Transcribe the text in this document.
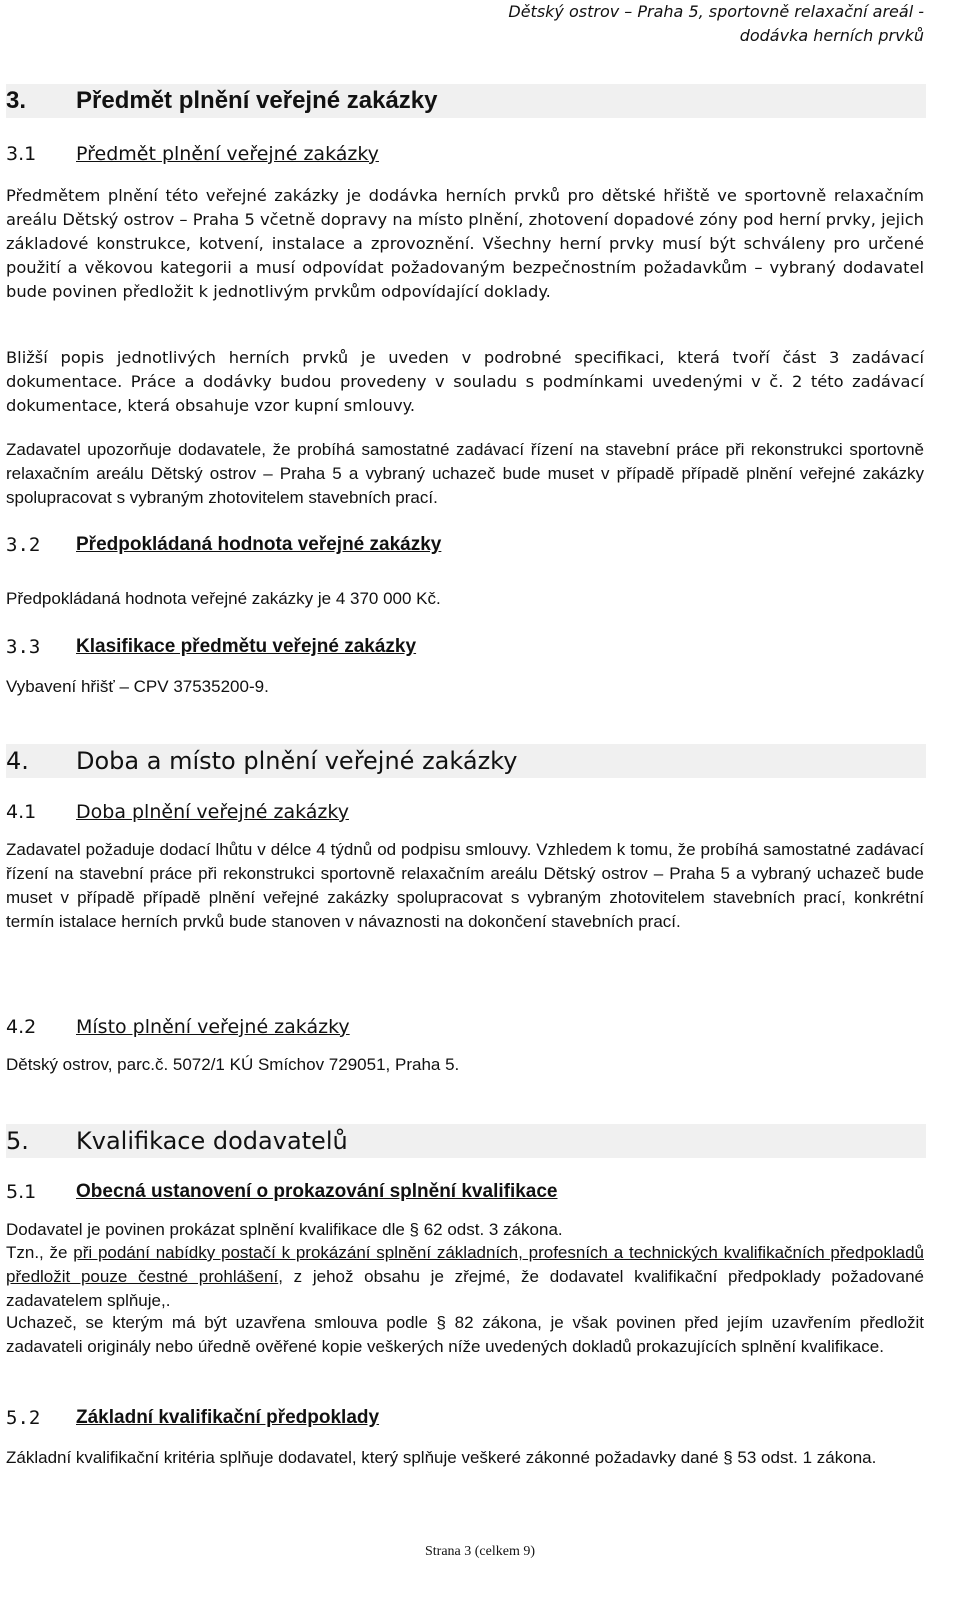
Dětský ostrov – Praha 5, sportovně relaxační areál -
dodávka herních prvků
3. Předmět plnění veřejné zakázky
3.1 Předmět plnění veřejné zakázky
Předmětem plnění této veřejné zakázky je dodávka herních prvků pro dětské hřiště ve sportovně relaxačním areálu Dětský ostrov – Praha 5 včetně dopravy na místo plnění, zhotovení dopadové zóny pod herní prvky, jejich základové konstrukce, kotvení, instalace a zprovoznění. Všechny herní prvky musí být schváleny pro určené použití a věkovou kategorii a musí odpovídat požadovaným bezpečnostním požadavkům – vybraný dodavatel bude povinen předložit k jednotlivým prvkům odpovídající doklady.
Bližší popis jednotlivých herních prvků je uveden v podrobné specifikaci, která tvoří část 3 zadávací dokumentace. Práce a dodávky budou provedeny v souladu s podmínkami uvedenými v č. 2 této zadávací dokumentace, která obsahuje vzor kupní smlouvy.
Zadavatel upozorňuje dodavatele, že probíhá samostatné zadávací řízení na stavební práce při rekonstrukci sportovně relaxačním areálu Dětský ostrov – Praha 5 a vybraný uchazeč bude muset v případě případě plnění veřejné zakázky spolupracovat s vybraným zhotovitelem stavebních prací.
3.2 Předpokládaná hodnota veřejné zakázky
Předpokládaná hodnota veřejné zakázky je 4 370 000 Kč.
3.3 Klasifikace předmětu veřejné zakázky
Vybavení hřišť – CPV 37535200-9.
4. Doba a místo plnění veřejné zakázky
4.1 Doba plnění veřejné zakázky
Zadavatel požaduje dodací lhůtu v délce 4 týdnů od podpisu smlouvy. Vzhledem k tomu, že probíhá samostatné zadávací řízení na stavební práce při rekonstrukci sportovně relaxačním areálu Dětský ostrov – Praha 5 a vybraný uchazeč bude muset v případě případě plnění veřejné zakázky spolupracovat s vybraným zhotovitelem stavebních prací, konkrétní termín istalace herních prvků bude stanoven v návaznosti na dokončení stavebních prací.
4.2 Místo plnění veřejné zakázky
Dětský ostrov, parc.č. 5072/1 KÚ Smíchov 729051, Praha 5.
5. Kvalifikace dodavatelů
5.1 Obecná ustanovení o prokazování splnění kvalifikace
Dodavatel je povinen prokázat splnění kvalifikace dle § 62 odst. 3 zákona.
Tzn., že při podání nabídky postačí k prokázání splnění základních, profesních a technických kvalifikačních předpokladů předložit pouze čestné prohlášení, z jehož obsahu je zřejmé, že dodavatel kvalifikační předpoklady požadované zadavatelem splňuje,.
Uchazeč, se kterým má být uzavřena smlouva podle § 82 zákona, je však povinen před jejím uzavřením předložit zadavateli originály nebo úředně ověřené kopie veškerých níže uvedených dokladů prokazujících splnění kvalifikace.
5.2 Základní kvalifikační předpoklady
Základní kvalifikační kritéria splňuje dodavatel, který splňuje veškeré zákonné požadavky dané § 53 odst. 1 zákona.
Strana 3 (celkem 9)
